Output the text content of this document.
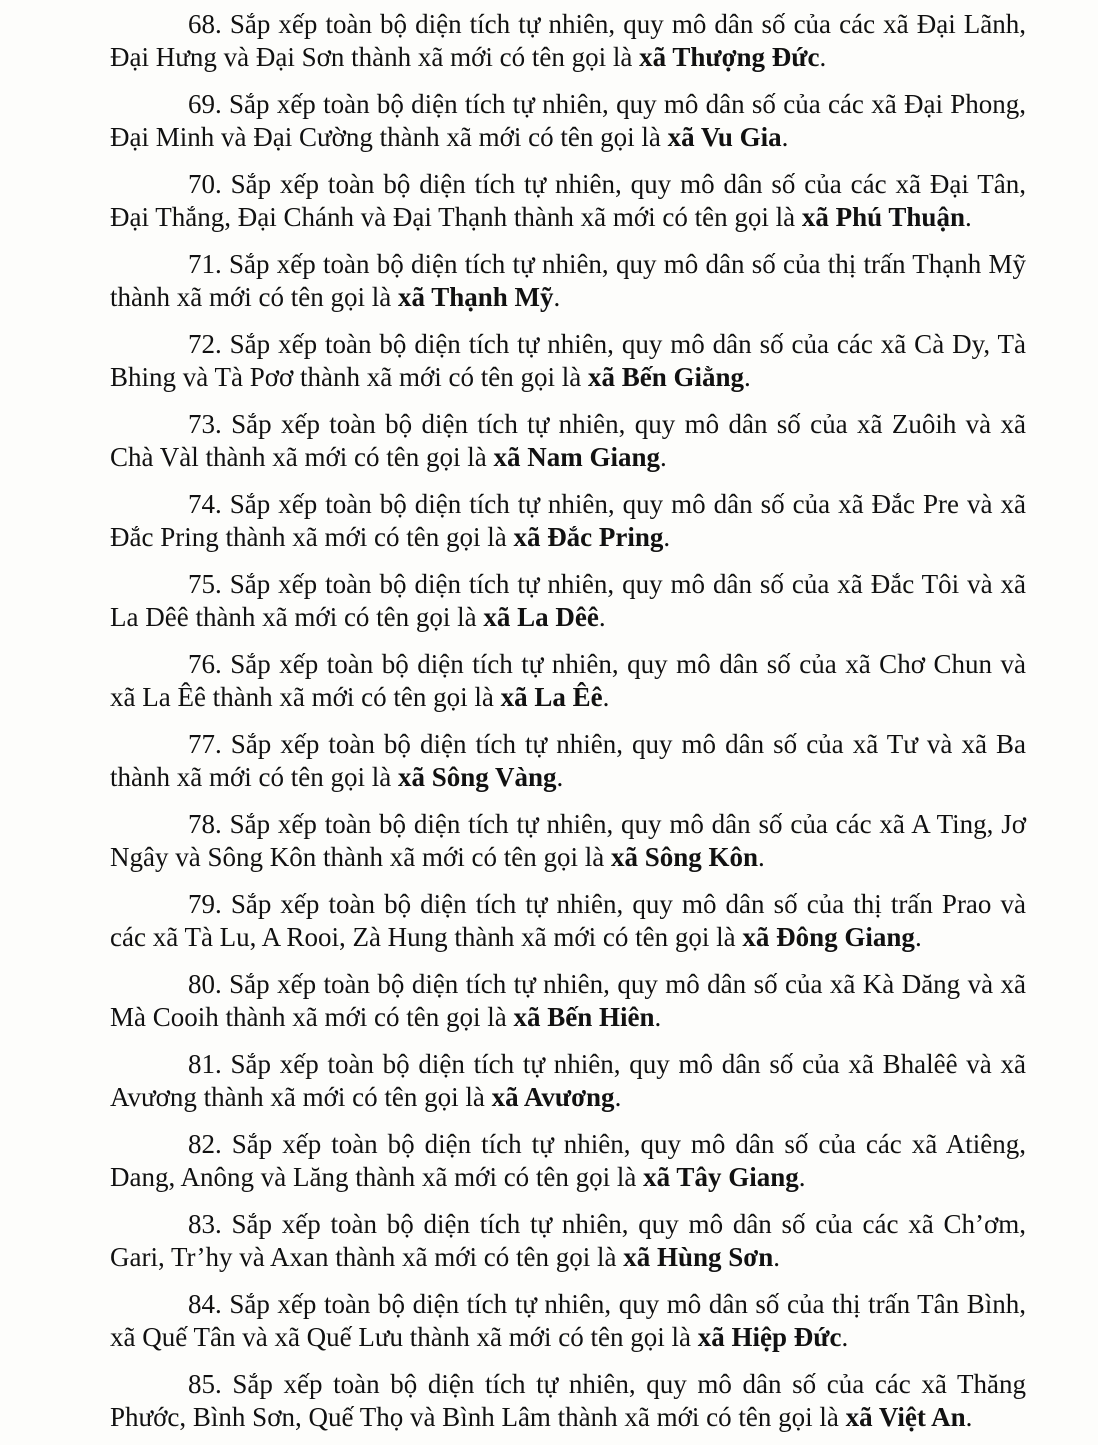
68. Sắp xếp toàn bộ diện tích tự nhiên, quy mô dân số của các xã Đại Lãnh, Đại Hưng và Đại Sơn thành xã mới có tên gọi là xã Thượng Đức.

69. Sắp xếp toàn bộ diện tích tự nhiên, quy mô dân số của các xã Đại Phong, Đại Minh và Đại Cường thành xã mới có tên gọi là xã Vu Gia.

70. Sắp xếp toàn bộ diện tích tự nhiên, quy mô dân số của các xã Đại Tân, Đại Thắng, Đại Chánh và Đại Thạnh thành xã mới có tên gọi là xã Phú Thuận.

71. Sắp xếp toàn bộ diện tích tự nhiên, quy mô dân số của thị trấn Thạnh Mỹ thành xã mới có tên gọi là xã Thạnh Mỹ.

72. Sắp xếp toàn bộ diện tích tự nhiên, quy mô dân số của các xã Cà Dy, Tà Bhing và Tà Pơơ thành xã mới có tên gọi là xã Bến Giằng.

73. Sắp xếp toàn bộ diện tích tự nhiên, quy mô dân số của xã Zuôih và xã Chà Vàl thành xã mới có tên gọi là xã Nam Giang.

74. Sắp xếp toàn bộ diện tích tự nhiên, quy mô dân số của xã Đắc Pre và xã Đắc Pring thành xã mới có tên gọi là xã Đắc Pring.

75. Sắp xếp toàn bộ diện tích tự nhiên, quy mô dân số của xã Đắc Tôi và xã La Dêê thành xã mới có tên gọi là xã La Dêê.

76. Sắp xếp toàn bộ diện tích tự nhiên, quy mô dân số của xã Chơ Chun và xã La Êê thành xã mới có tên gọi là xã La Êê.

77. Sắp xếp toàn bộ diện tích tự nhiên, quy mô dân số của xã Tư và xã Ba thành xã mới có tên gọi là xã Sông Vàng.

78. Sắp xếp toàn bộ diện tích tự nhiên, quy mô dân số của các xã A Ting, Jơ Ngây và Sông Kôn thành xã mới có tên gọi là xã Sông Kôn.

79. Sắp xếp toàn bộ diện tích tự nhiên, quy mô dân số của thị trấn Prao và các xã Tà Lu, A Rooi, Zà Hung thành xã mới có tên gọi là xã Đông Giang.

80. Sắp xếp toàn bộ diện tích tự nhiên, quy mô dân số của xã Kà Dăng và xã Mà Cooih thành xã mới có tên gọi là xã Bến Hiên.

81. Sắp xếp toàn bộ diện tích tự nhiên, quy mô dân số của xã Bhalêê và xã Avương thành xã mới có tên gọi là xã Avương.

82. Sắp xếp toàn bộ diện tích tự nhiên, quy mô dân số của các xã Atiêng, Dang, Anông và Lăng thành xã mới có tên gọi là xã Tây Giang.

83. Sắp xếp toàn bộ diện tích tự nhiên, quy mô dân số của các xã Ch’ơm, Gari, Tr’hy và Axan thành xã mới có tên gọi là xã Hùng Sơn.

84. Sắp xếp toàn bộ diện tích tự nhiên, quy mô dân số của thị trấn Tân Bình, xã Quế Tân và xã Quế Lưu thành xã mới có tên gọi là xã Hiệp Đức.

85. Sắp xếp toàn bộ diện tích tự nhiên, quy mô dân số của các xã Thăng Phước, Bình Sơn, Quế Thọ và Bình Lâm thành xã mới có tên gọi là xã Việt An.
